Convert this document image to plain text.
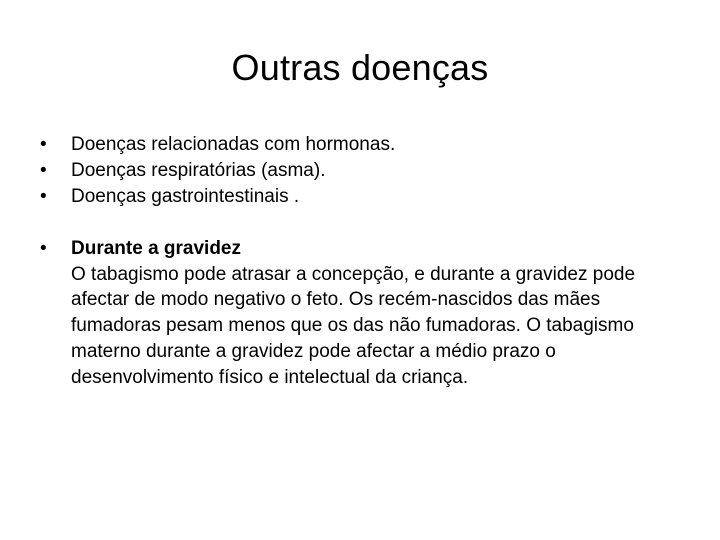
Outras doenças
•	Doenças relacionadas com hormonas.
•	Doenças respiratórias (asma).
•	Doenças gastrointestinais .
•	Durante a gravidez
O tabagismo pode atrasar a concepção, e durante a gravidez pode afectar de modo negativo o feto. Os recém-nascidos das mães fumadoras pesam menos que os das não fumadoras. O tabagismo materno durante a gravidez pode afectar a médio prazo o desenvolvimento físico e intelectual da criança.
